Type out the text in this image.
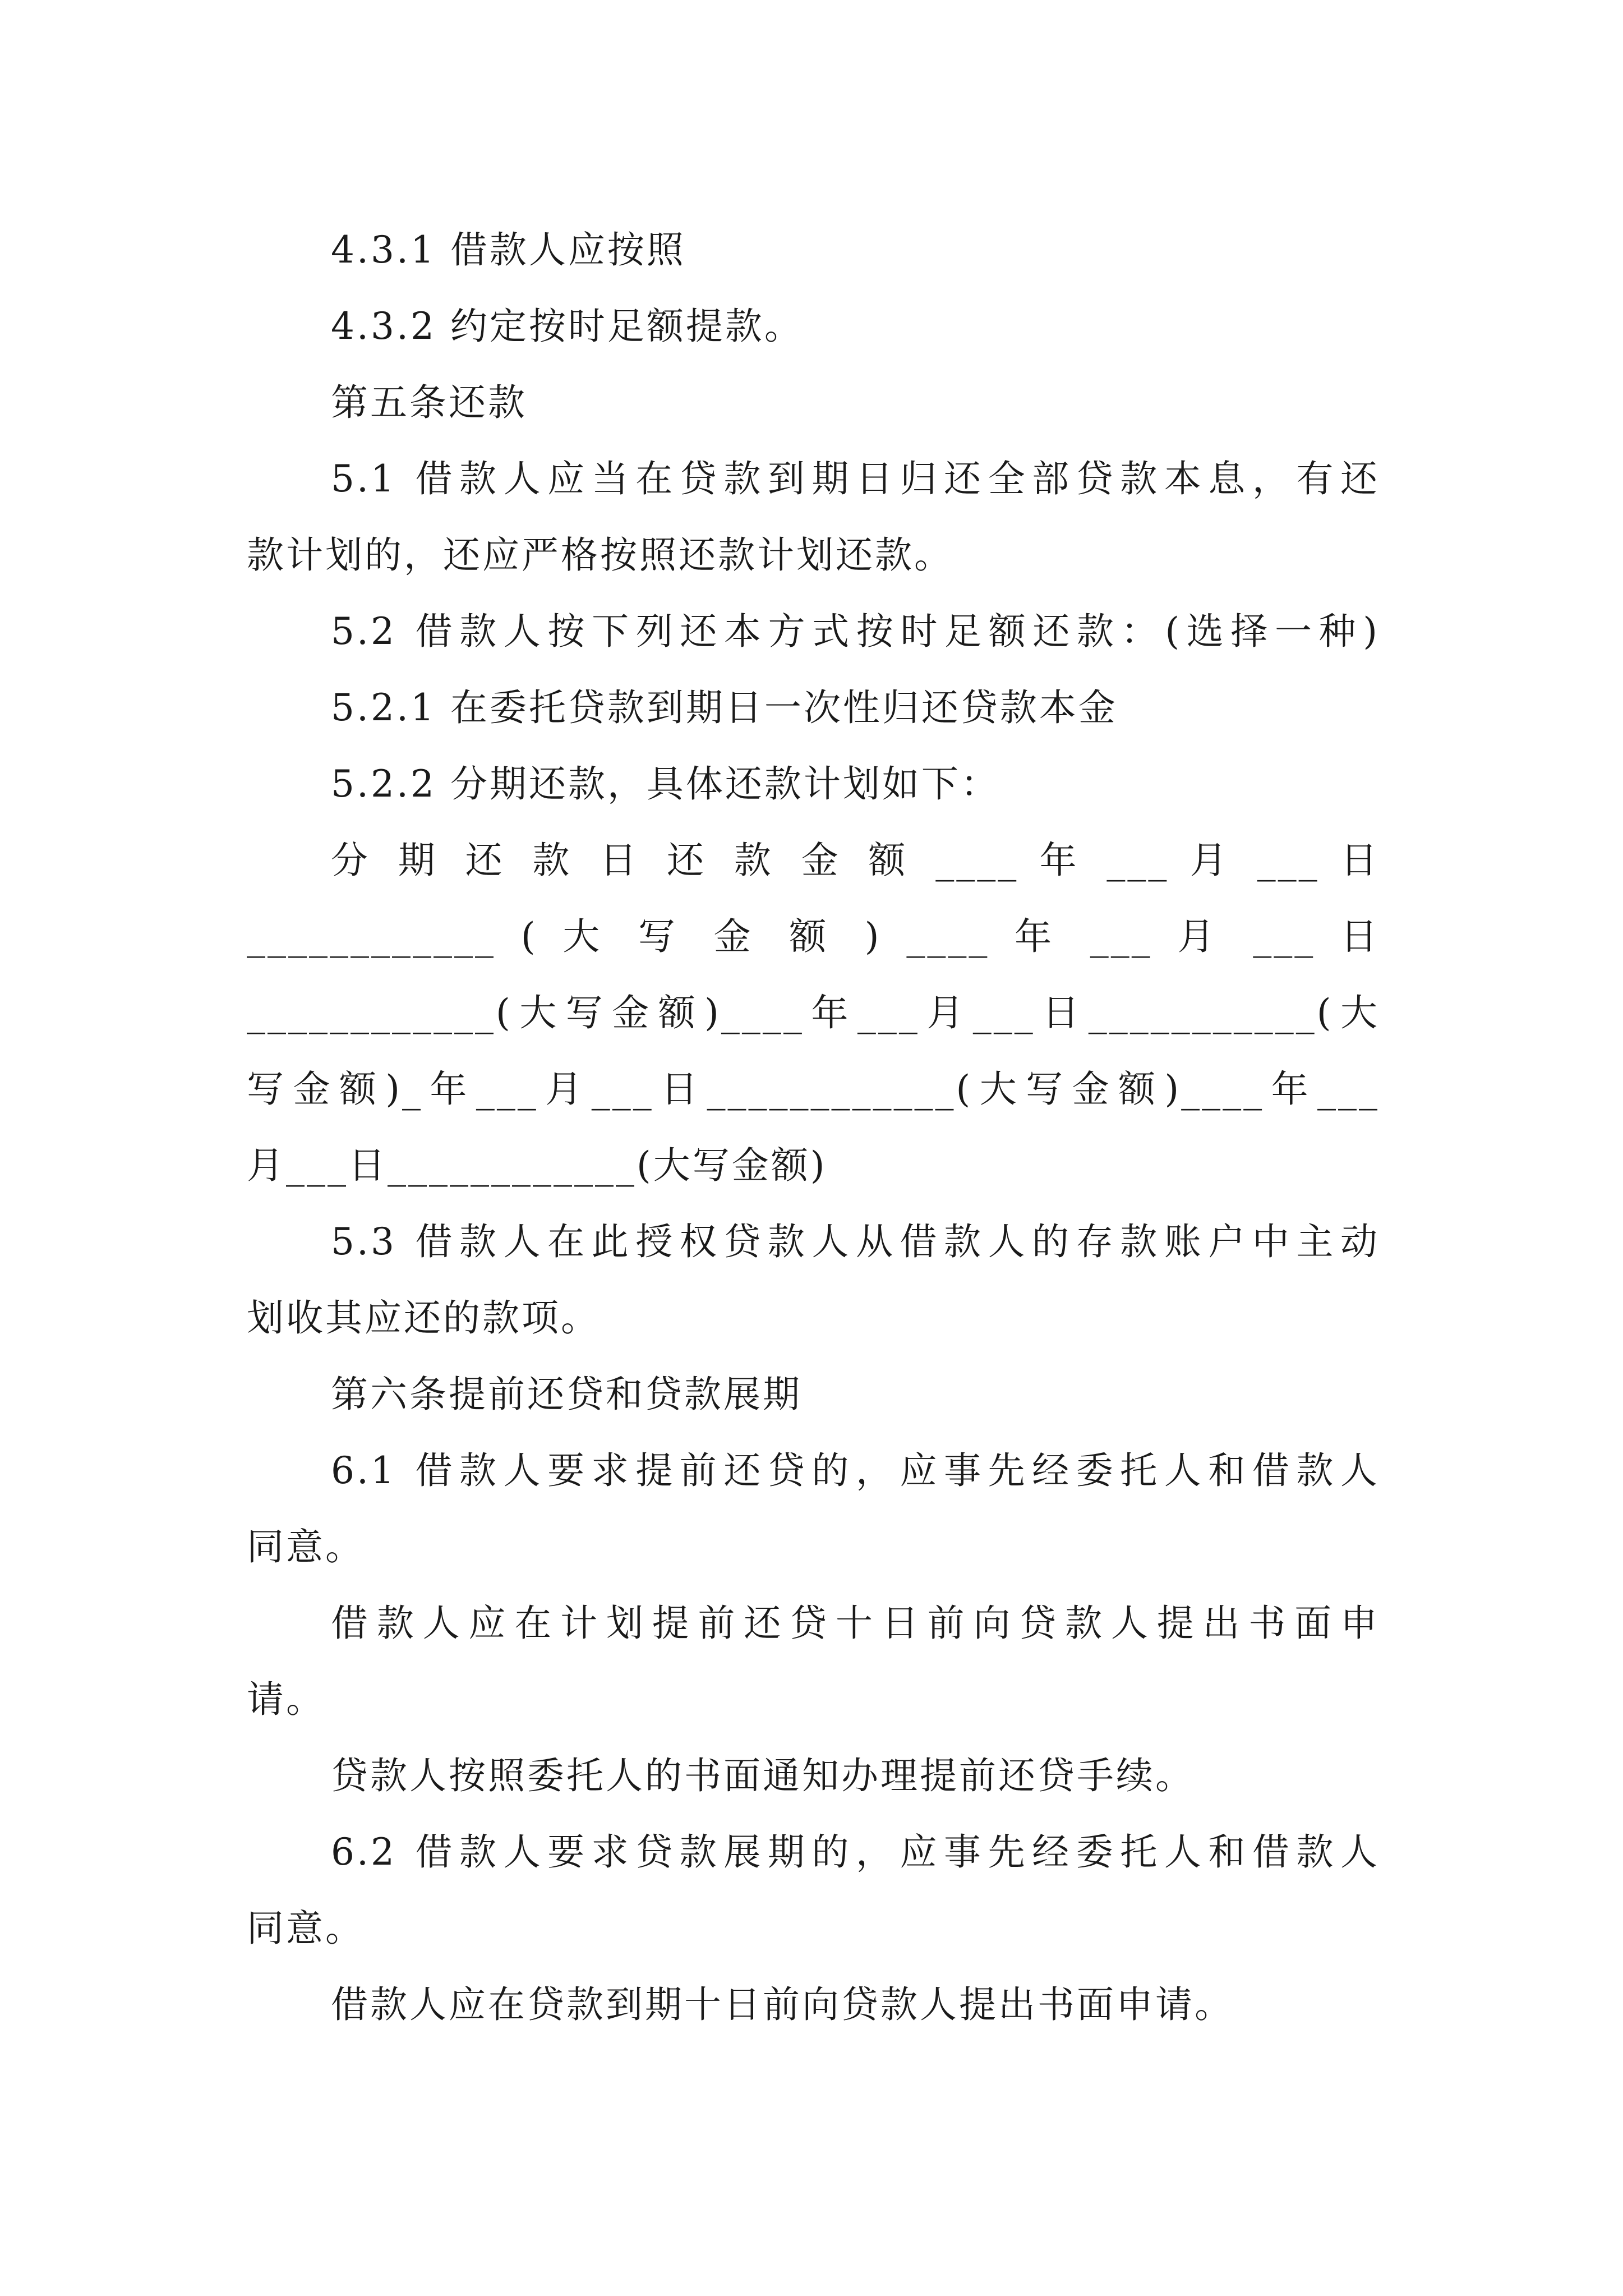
4.3.1 借款人应按照
4.3.2 约定按时足额提款。
第五条还款
5.1 借款人应当在贷款到期日归还全部贷款本息，有还
款计划的，还应严格按照还款计划还款。
5.2 借款人按下列还本方式按时足额还款：(选择一种)
5.2.1 在委托贷款到期日一次性归还贷款本金
5.2.2 分期还款，具体还款计划如下：
分 期 还 款 日 还 款 金 额 ____ 年 ___ 月 ___ 日
____________ ( 大 写 金 额 ) ____ 年 ___ 月 ___ 日
____________(大写金额)____年___月___日___________(大
写金额)_年___月___日____________(大写金额)____年___
月___日____________(大写金额)
5.3 借款人在此授权贷款人从借款人的存款账户中主动
划收其应还的款项。
第六条提前还贷和贷款展期
6.1 借款人要求提前还贷的，应事先经委托人和借款人
同意。
借款人应在计划提前还贷十日前向贷款人提出书面申
请。
贷款人按照委托人的书面通知办理提前还贷手续。
6.2 借款人要求贷款展期的，应事先经委托人和借款人
同意。
借款人应在贷款到期十日前向贷款人提出书面申请。
